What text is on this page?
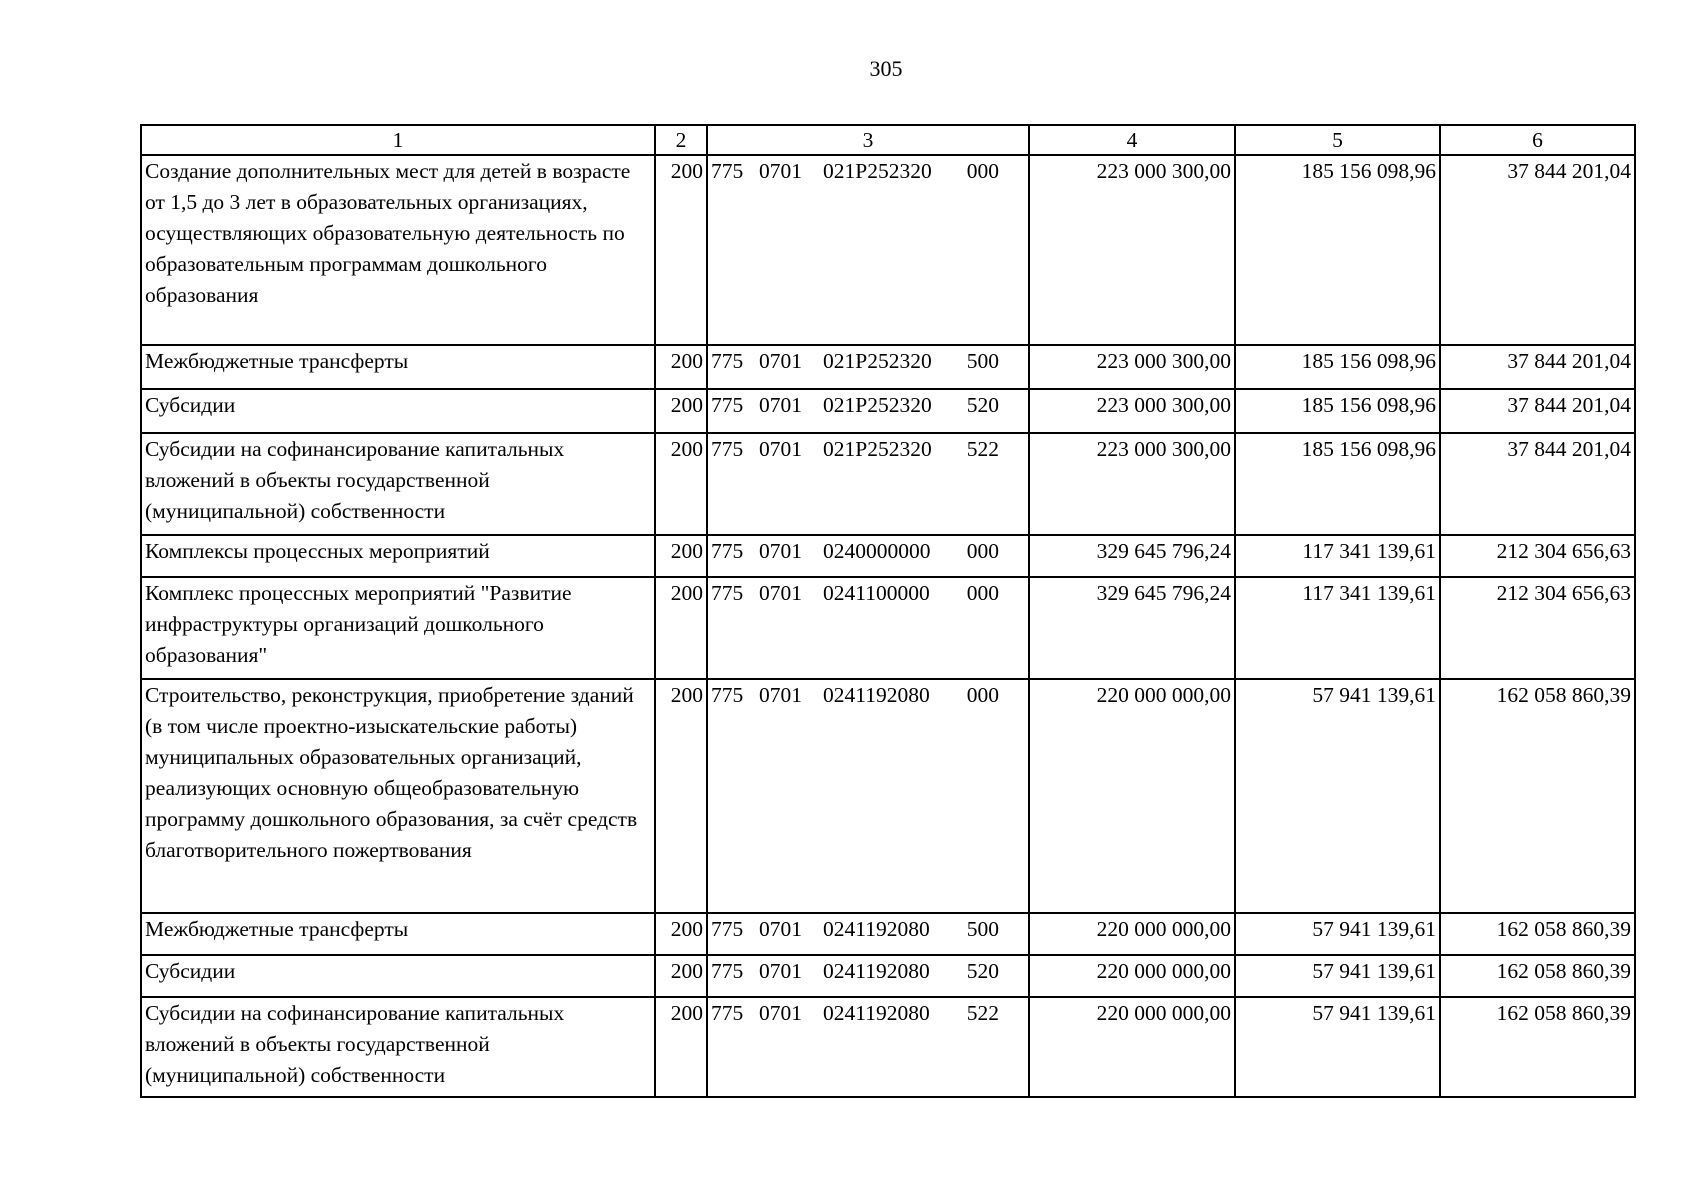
305
1	2	3	4	5	6
Создание дополнительных мест для детей в возрасте от 1,5 до 3 лет в образовательных организациях, осуществляющих образовательную деятельность по образовательным программам дошкольного образования	200	775 0701 021P252320 000	223 000 300,00	185 156 098,96	37 844 201,04
Межбюджетные трансферты	200	775 0701 021P252320 500	223 000 300,00	185 156 098,96	37 844 201,04
Субсидии	200	775 0701 021P252320 520	223 000 300,00	185 156 098,96	37 844 201,04
Субсидии на софинансирование капитальных вложений в объекты государственной (муниципальной) собственности	200	775 0701 021P252320 522	223 000 300,00	185 156 098,96	37 844 201,04
Комплексы процессных мероприятий	200	775 0701 0240000000 000	329 645 796,24	117 341 139,61	212 304 656,63
Комплекс процессных мероприятий "Развитие инфраструктуры организаций дошкольного образования"	200	775 0701 0241100000 000	329 645 796,24	117 341 139,61	212 304 656,63
Строительство, реконструкция, приобретение зданий (в том числе проектно-изыскательские работы) муниципальных образовательных организаций, реализующих основную общеобразовательную программу дошкольного образования, за счёт средств благотворительного пожертвования	200	775 0701 0241192080 000	220 000 000,00	57 941 139,61	162 058 860,39
Межбюджетные трансферты	200	775 0701 0241192080 500	220 000 000,00	57 941 139,61	162 058 860,39
Субсидии	200	775 0701 0241192080 520	220 000 000,00	57 941 139,61	162 058 860,39
Субсидии на софинансирование капитальных вложений в объекты государственной (муниципальной) собственности	200	775 0701 0241192080 522	220 000 000,00	57 941 139,61	162 058 860,39
